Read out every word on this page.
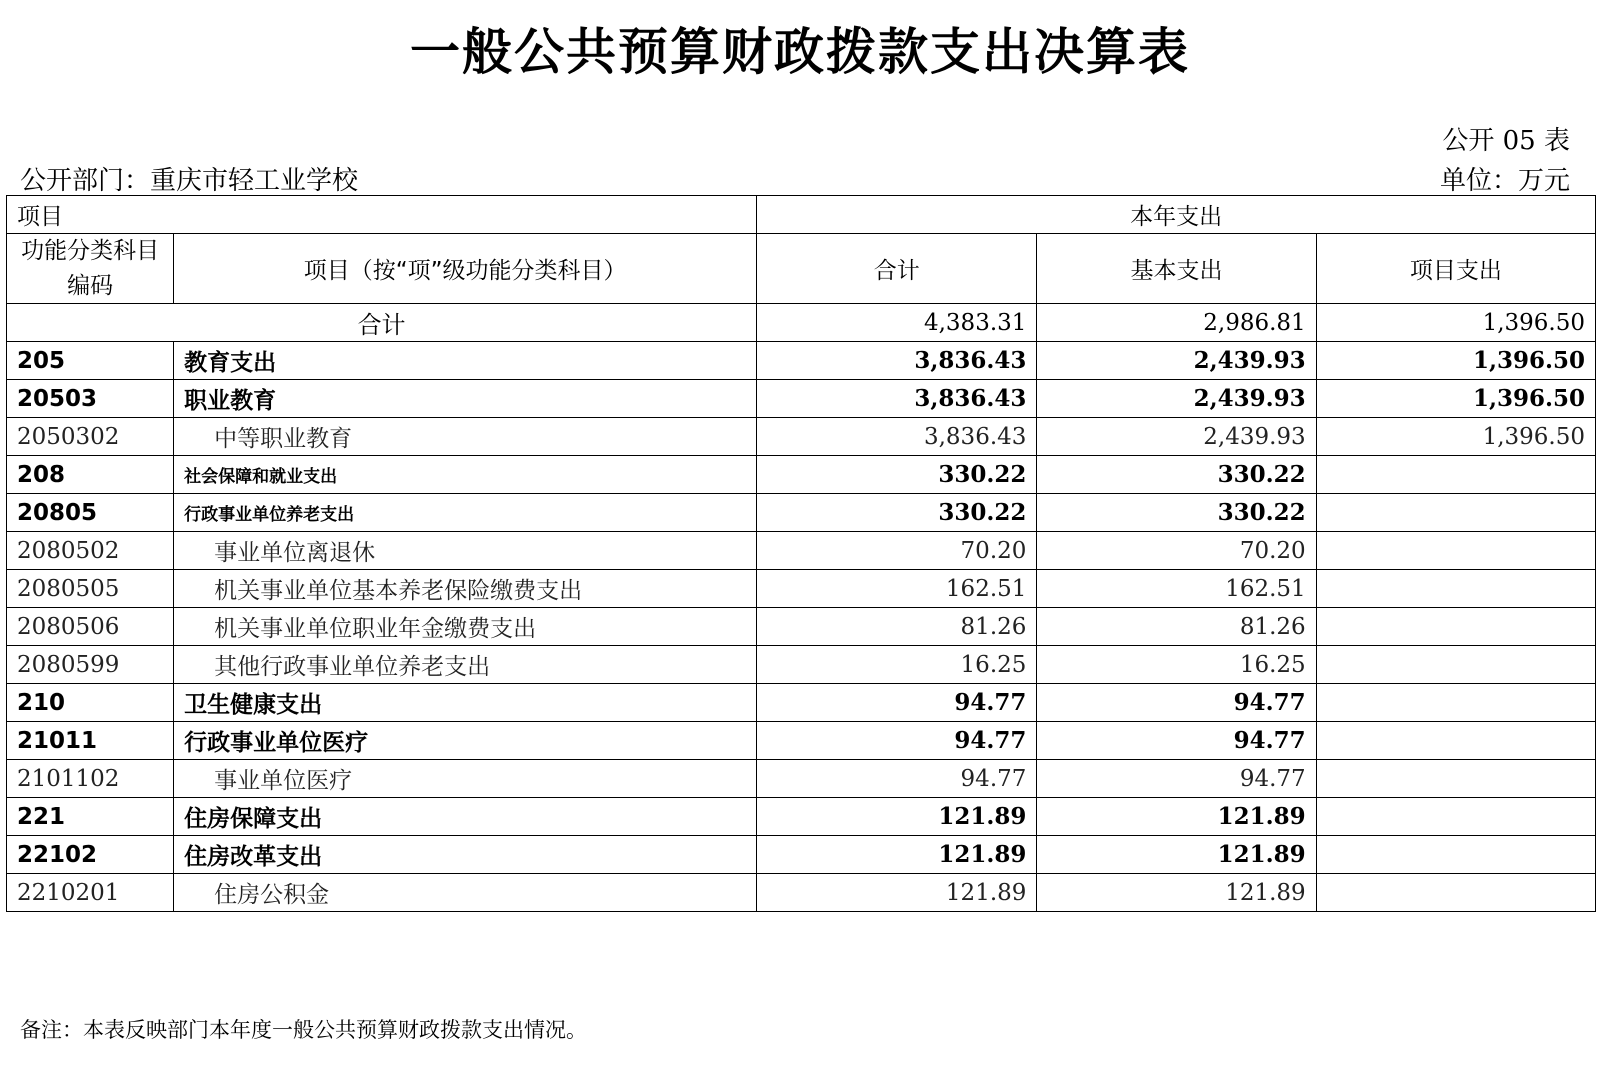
一般公共预算财政拨款支出决算表
公开 05 表
公开部门：重庆市轻工业学校	单位：万元
项目		本年支出		
功能分类科目编码	项目（按“项”级功能分类科目）	合计	基本支出	项目支出
合计		4,383.31	2,986.81	1,396.50
205	教育支出	3,836.43	2,439.93	1,396.50
20503	职业教育	3,836.43	2,439.93	1,396.50
2050302	中等职业教育	3,836.43	2,439.93	1,396.50
208	社会保障和就业支出	330.22	330.22	
20805	行政事业单位养老支出	330.22	330.22	
2080502	事业单位离退休	70.20	70.20	
2080505	机关事业单位基本养老保险缴费支出	162.51	162.51	
2080506	机关事业单位职业年金缴费支出	81.26	81.26	
2080599	其他行政事业单位养老支出	16.25	16.25	
210	卫生健康支出	94.77	94.77	
21011	行政事业单位医疗	94.77	94.77	
2101102	事业单位医疗	94.77	94.77	
221	住房保障支出	121.89	121.89	
22102	住房改革支出	121.89	121.89	
2210201	住房公积金	121.89	121.89	
备注：本表反映部门本年度一般公共预算财政拨款支出情况。
